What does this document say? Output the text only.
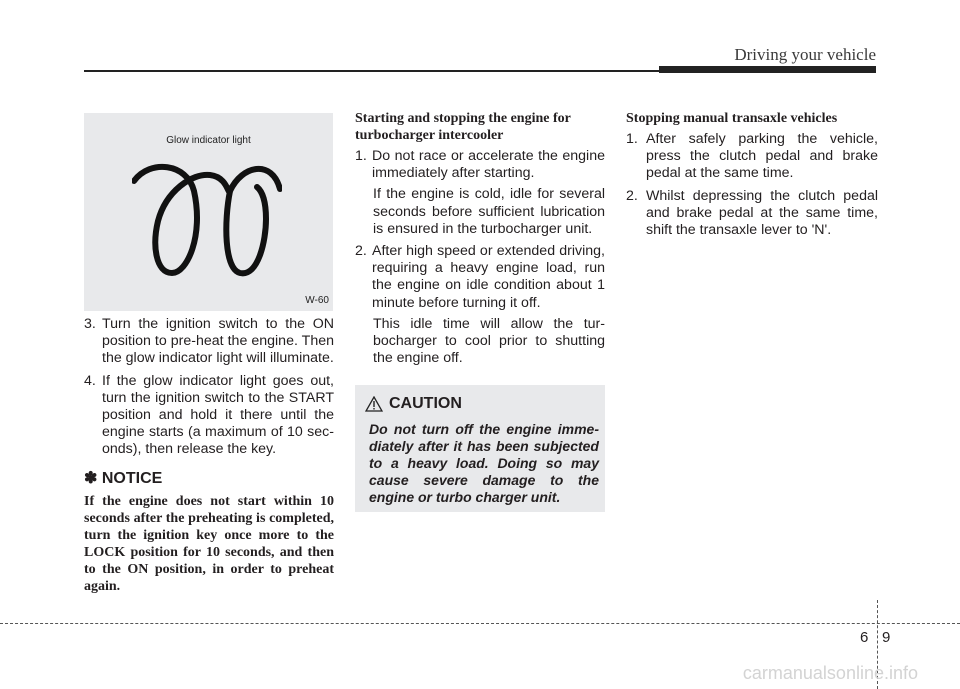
Driving your vehicle
Glow indicator light
W-60
3. Turn the ignition switch to the ON position to pre-heat the engine. Then the glow indicator light will illuminate.
4. If the glow indicator light goes out, turn the ignition switch to the START position and hold it there until the engine starts (a maximum of 10 seconds), then release the key.
✽ NOTICE
If the engine does not start within 10 seconds after the preheating is completed, turn the ignition key once more to the LOCK position for 10 seconds, and then to the ON position, in order to preheat again.
Starting and stopping the engine for turbocharger intercooler
1. Do not race or accelerate the engine immediately after starting.
If the engine is cold, idle for several seconds before sufficient lubrication is ensured in the turbocharger unit.
2. After high speed or extended driving, requiring a heavy engine load, run the engine on idle condition about 1 minute before turning it off.
This idle time will allow the turbocharger to cool prior to shutting the engine off.
CAUTION
Do not turn off the engine immediately after it has been subjected to a heavy load. Doing so may cause severe damage to the engine or turbo charger unit.
Stopping manual transaxle vehicles
1. After safely parking the vehicle, press the clutch pedal and brake pedal at the same time.
2. Whilst depressing the clutch pedal and brake pedal at the same time, shift the transaxle lever to 'N'.
6 9
carmanualsonline.info
